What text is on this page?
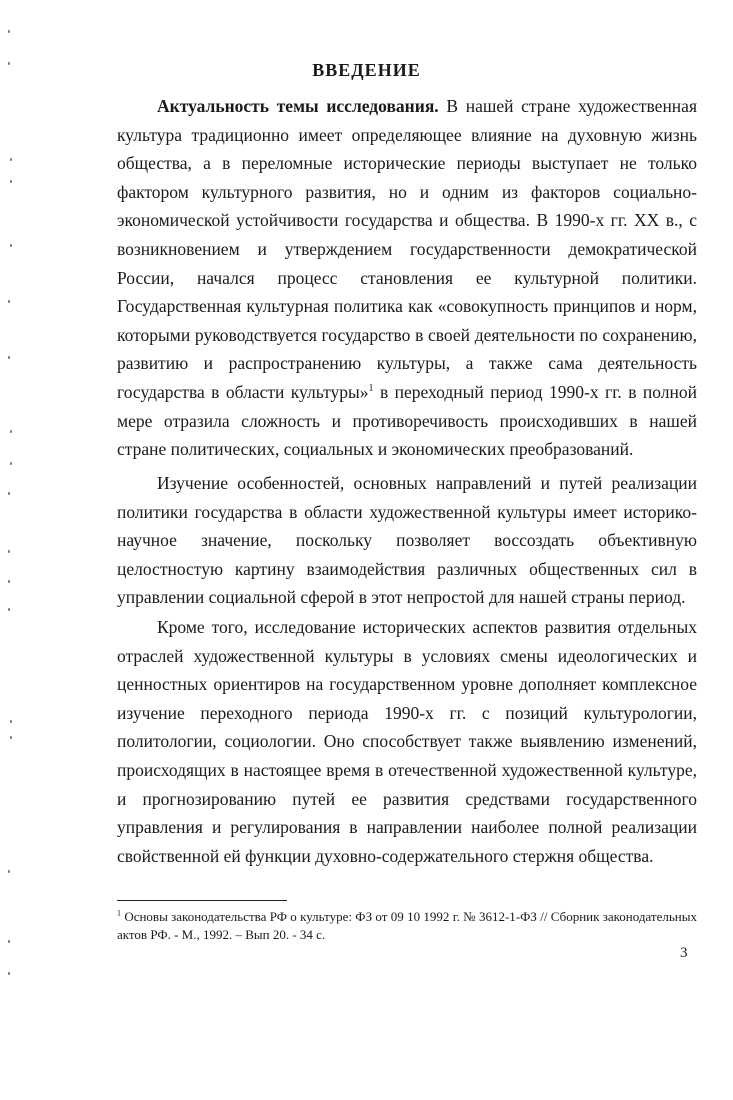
ВВЕДЕНИЕ

Актуальность темы исследования. В нашей стране художественная культура традиционно имеет определяющее влияние на духовную жизнь общества, а в переломные исторические периоды выступает не только фактором культурного развития, но и одним из факторов социально-экономической устойчивости государства и общества. В 1990-х гг. XX в., с возникновением и утверждением государственности демократической России, начался процесс становления ее культурной политики. Государственная культурная политика как «совокупность принципов и норм, которыми руководствуется государство в своей деятельности по сохранению, развитию и распространению культуры, а также сама деятельность государства в области культуры»$^1$ в переходный период 1990-х гг. в полной мере отразила сложность и противоречивость происходивших в нашей стране политических, социальных и экономических преобразований.

Изучение особенностей, основных направлений и путей реализации политики государства в области художественной культуры имеет историко-научное значение, поскольку позволяет воссоздать объективную целостностую картину взаимодействия различных общественных сил в управлении социальной сферой в этот непростой для нашей страны период.

Кроме того, исследование исторических аспектов развития отдельных отраслей художественной культуры в условиях смены идеологических и ценностных ориентиров на государственном уровне дополняет комплексное изучение переходного периода 1990-х гг. с позиций культурологии, политологии, социологии. Оно способствует также выявлению изменений, происходящих в настоящее время в отечественной художественной культуре, и прогнозированию путей ее развития средствами государственного управления и регулирования в направлении наиболее полной реализации свойственной ей функции духовно-содержательного стержня общества.

$^1$ Основы законодательства РФ о культуре: ФЗ от 09 10 1992 г. № 3612-1-ФЗ // Сборник законодательных актов РФ. - М., 1992. – Вып 20. - 34 с.

3
